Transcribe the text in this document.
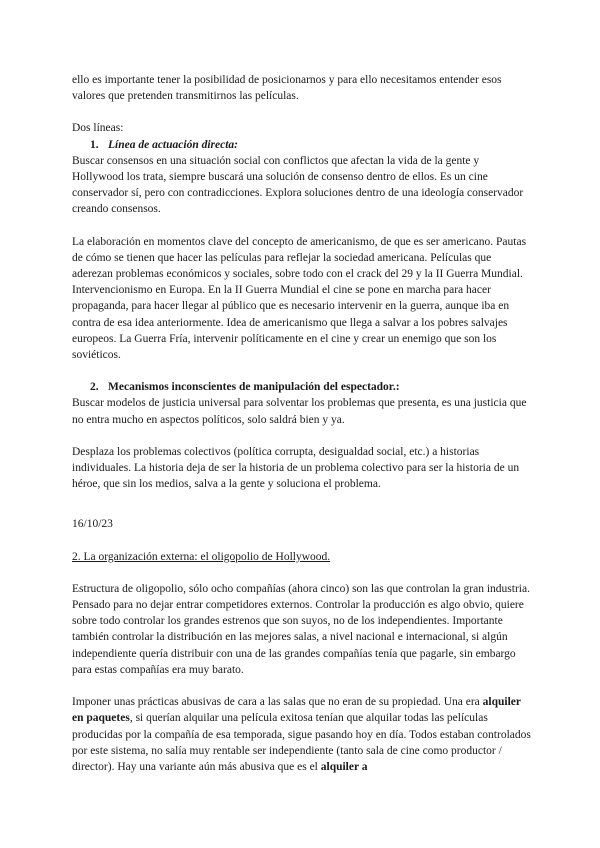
ello es importante tener la posibilidad de posicionarnos y para ello necesitamos entender esos valores que pretenden transmitirnos las películas.

Dos líneas:

1. Línea de actuación directa:

Buscar consensos en una situación social con conflictos que afectan la vida de la gente y Hollywood los trata, siempre buscará una solución de consenso dentro de ellos. Es un cine conservador sí, pero con contradicciones. Explora soluciones dentro de una ideología conservador creando consensos.

La elaboración en momentos clave del concepto de americanismo, de que es ser americano. Pautas de cómo se tienen que hacer las películas para reflejar la sociedad americana. Películas que aderezan problemas económicos y sociales, sobre todo con el crack del 29 y la II Guerra Mundial. Intervencionismo en Europa. En la II Guerra Mundial el cine se pone en marcha para hacer propaganda, para hacer llegar al público que es necesario intervenir en la guerra, aunque iba en contra de esa idea anteriormente. Idea de americanismo que llega a salvar a los pobres salvajes europeos. La Guerra Fría, intervenir políticamente en el cine y crear un enemigo que son los soviéticos.

2. Mecanismos inconscientes de manipulación del espectador.:

Buscar modelos de justicia universal para solventar los problemas que presenta, es una justicia que no entra mucho en aspectos políticos, solo saldrá bien y ya.

Desplaza los problemas colectivos (política corrupta, desigualdad social, etc.) a historias individuales. La historia deja de ser la historia de un problema colectivo para ser la historia de un héroe, que sin los medios, salva a la gente y soluciona el problema.

16/10/23

2. La organización externa: el oligopolio de Hollywood.

Estructura de oligopolio, sólo ocho compañías (ahora cinco) son las que controlan la gran industria. Pensado para no dejar entrar competidores externos. Controlar la producción es algo obvio, quiere sobre todo controlar los grandes estrenos que son suyos, no de los independientes. Importante también controlar la distribución en las mejores salas, a nivel nacional e internacional, si algún independiente quería distribuir con una de las grandes compañías tenía que pagarle, sin embargo para estas compañías era muy barato.

Imponer unas prácticas abusivas de cara a las salas que no eran de su propiedad. Una era alquiler en paquetes, si querían alquilar una película exitosa tenían que alquilar todas las películas producidas por la compañía de esa temporada, sigue pasando hoy en día. Todos estaban controlados por este sistema, no salía muy rentable ser independiente (tanto sala de cine como productor / director). Hay una variante aún más abusiva que es el alquiler a
